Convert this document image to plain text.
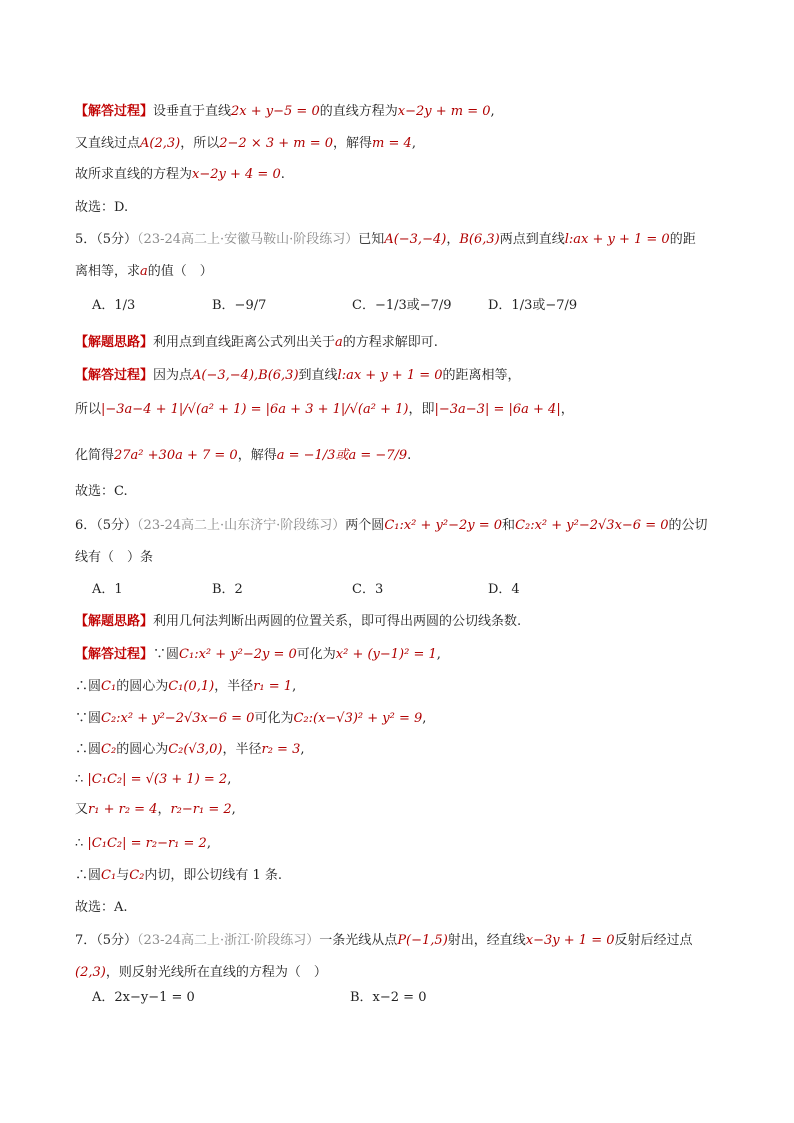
【解答过程】设垂直于直线2x + y−5 = 0的直线方程为x−2y + m = 0,
又直线过点A(2,3)，所以2−2 × 3 + m = 0，解得m = 4,
故所求直线的方程为x−2y + 4 = 0.
故选：D.
5．（5分）（23-24高二上·安徽马鞍山·阶段练习）已知A(−3,−4)，B(6,3)两点到直线l:ax + y + 1 = 0的距
离相等，求a的值（　）
A．1/3	B．−9/7	C．−1/3或−7/9	D．1/3或−7/9
【解题思路】利用点到直线距离公式列出关于a的方程求解即可.
【解答过程】因为点A(−3,−4),B(6,3)到直线l:ax + y + 1 = 0的距离相等，
所以|−3a−4 + 1|/√(a² + 1) = |6a + 3 + 1|/√(a² + 1)，即|−3a−3| = |6a + 4|，
化简得27a² +30a + 7 = 0，解得a = −1/3或a = −7/9.
故选：C.
6．（5分）（23-24高二上·山东济宁·阶段练习）两个圆C₁:x² + y²−2y = 0和C₂:x² + y²−2√3x−6 = 0的公切
线有（　）条
A．1	B．2	C．3	D．4
【解题思路】利用几何法判断出两圆的位置关系，即可得出两圆的公切线条数.
【解答过程】∵圆C₁:x² + y²−2y = 0可化为x² + (y−1)² = 1,
∴圆C₁的圆心为C₁(0,1)，半径r₁ = 1,
∵圆C₂:x² + y²−2√3x−6 = 0可化为C₂:(x−√3)² + y² = 9,
∴圆C₂的圆心为C₂(√3,0)，半径r₂ = 3,
∴ |C₁C₂| = √(3 + 1) = 2,
又r₁ + r₂ = 4，r₂−r₁ = 2,
∴ |C₁C₂| = r₂−r₁ = 2,
∴圆C₁与C₂内切，即公切线有 1 条.
故选：A.
7．（5分）（23-24高二上·浙江·阶段练习）一条光线从点P(−1,5)射出，经直线x−3y + 1 = 0反射后经过点
(2,3)，则反射光线所在直线的方程为（　）
A．2x−y−1 = 0	B．x−2 = 0
